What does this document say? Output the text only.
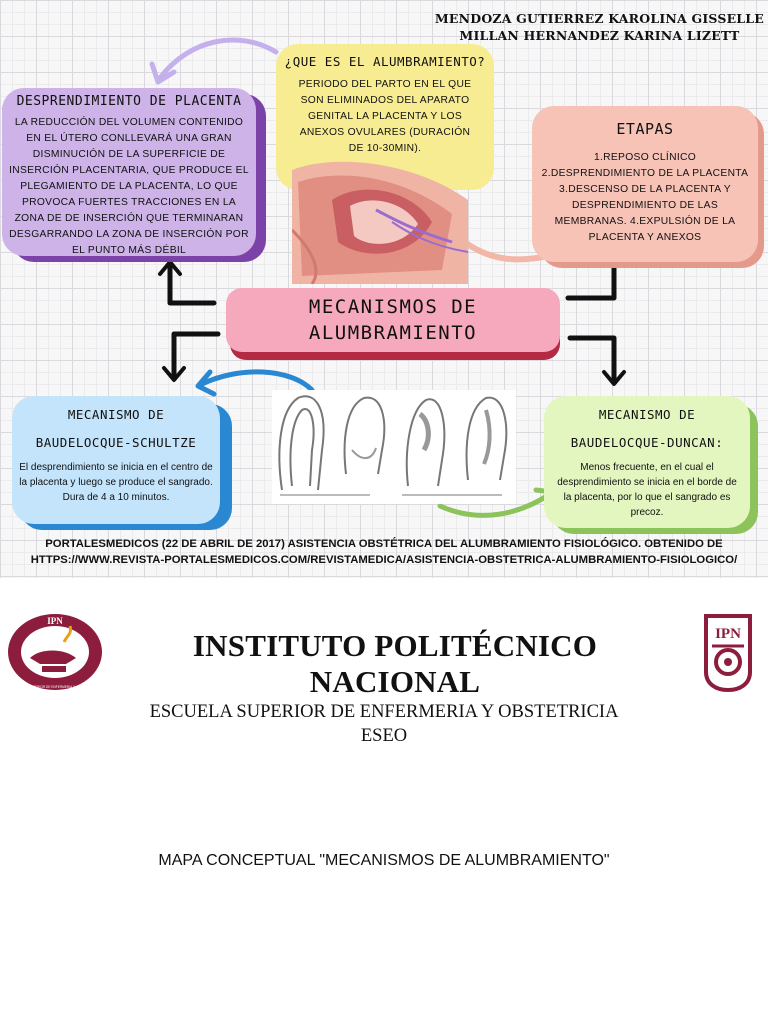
MENDOZA GUTIERREZ KAROLINA GISSELLE
MILLAN HERNANDEZ KARINA LIZETT
DESPRENDIMIENTO DE PLACENTA
LA REDUCCIÓN DEL VOLUMEN CONTENIDO EN EL ÚTERO CONLLEVARÁ UNA GRAN DISMINUCIÓN DE LA SUPERFICIE DE INSERCIÓN PLACENTARIA, QUE PRODUCE EL PLEGAMIENTO DE LA PLACENTA, LO QUE PROVOCA FUERTES TRACCIONES EN LA ZONA DE DE INSERCIÓN QUE TERMINARAN DESGARRANDO LA ZONA DE INSERCIÓN POR EL PUNTO MÁS DÉBIL
¿QUE ES EL ALUMBRAMIENTO?
PERIODO DEL PARTO EN EL QUE SON ELIMINADOS DEL APARATO GENITAL LA PLACENTA Y LOS ANEXOS OVULARES (DURACIÓN DE 10-30MIN).
ETAPAS
1.REPOSO CLÍNICO 2.DESPRENDIMIENTO DE LA PLACENTA 3.DESCENSO DE LA PLACENTA Y DESPRENDIMIENTO DE LAS MEMBRANAS. 4.EXPULSIÓN DE LA PLACENTA Y ANEXOS
MECANISMOS DE
ALUMBRAMIENTO
MECANISMO DE
BAUDELOCQUE-SCHULTZE
El desprendimiento se inicia en el centro de la placenta y luego se produce el sangrado. Dura de 4 a 10 minutos.
MECANISMO DE
BAUDELOCQUE-DUNCAN:
Menos frecuente, en el cual el desprendimiento se inicia en el borde de la placenta, por lo que el sangrado es precoz.
PORTALESMEDICOS (22 DE ABRIL DE 2017) ASISTENCIA OBSTÉTRICA DEL ALUMBRAMIENTO FISIOLÓGICO. OBTENIDO DE
HTTPS://WWW.REVISTA-PORTALESMEDICOS.COM/REVISTAMEDICA/ASISTENCIA-OBSTETRICA-ALUMBRAMIENTO-FISIOLOGICO/
IPN
ESCUELA SUPERIOR DE ENFERMERIA Y OBSTETRICIA
INSTITUTO POLITÉCNICO NACIONAL
IPN
ESCUELA SUPERIOR DE ENFERMERIA Y OBSTETRICIA
ESEO
MAPA CONCEPTUAL "MECANISMOS DE ALUMBRAMIENTO"
